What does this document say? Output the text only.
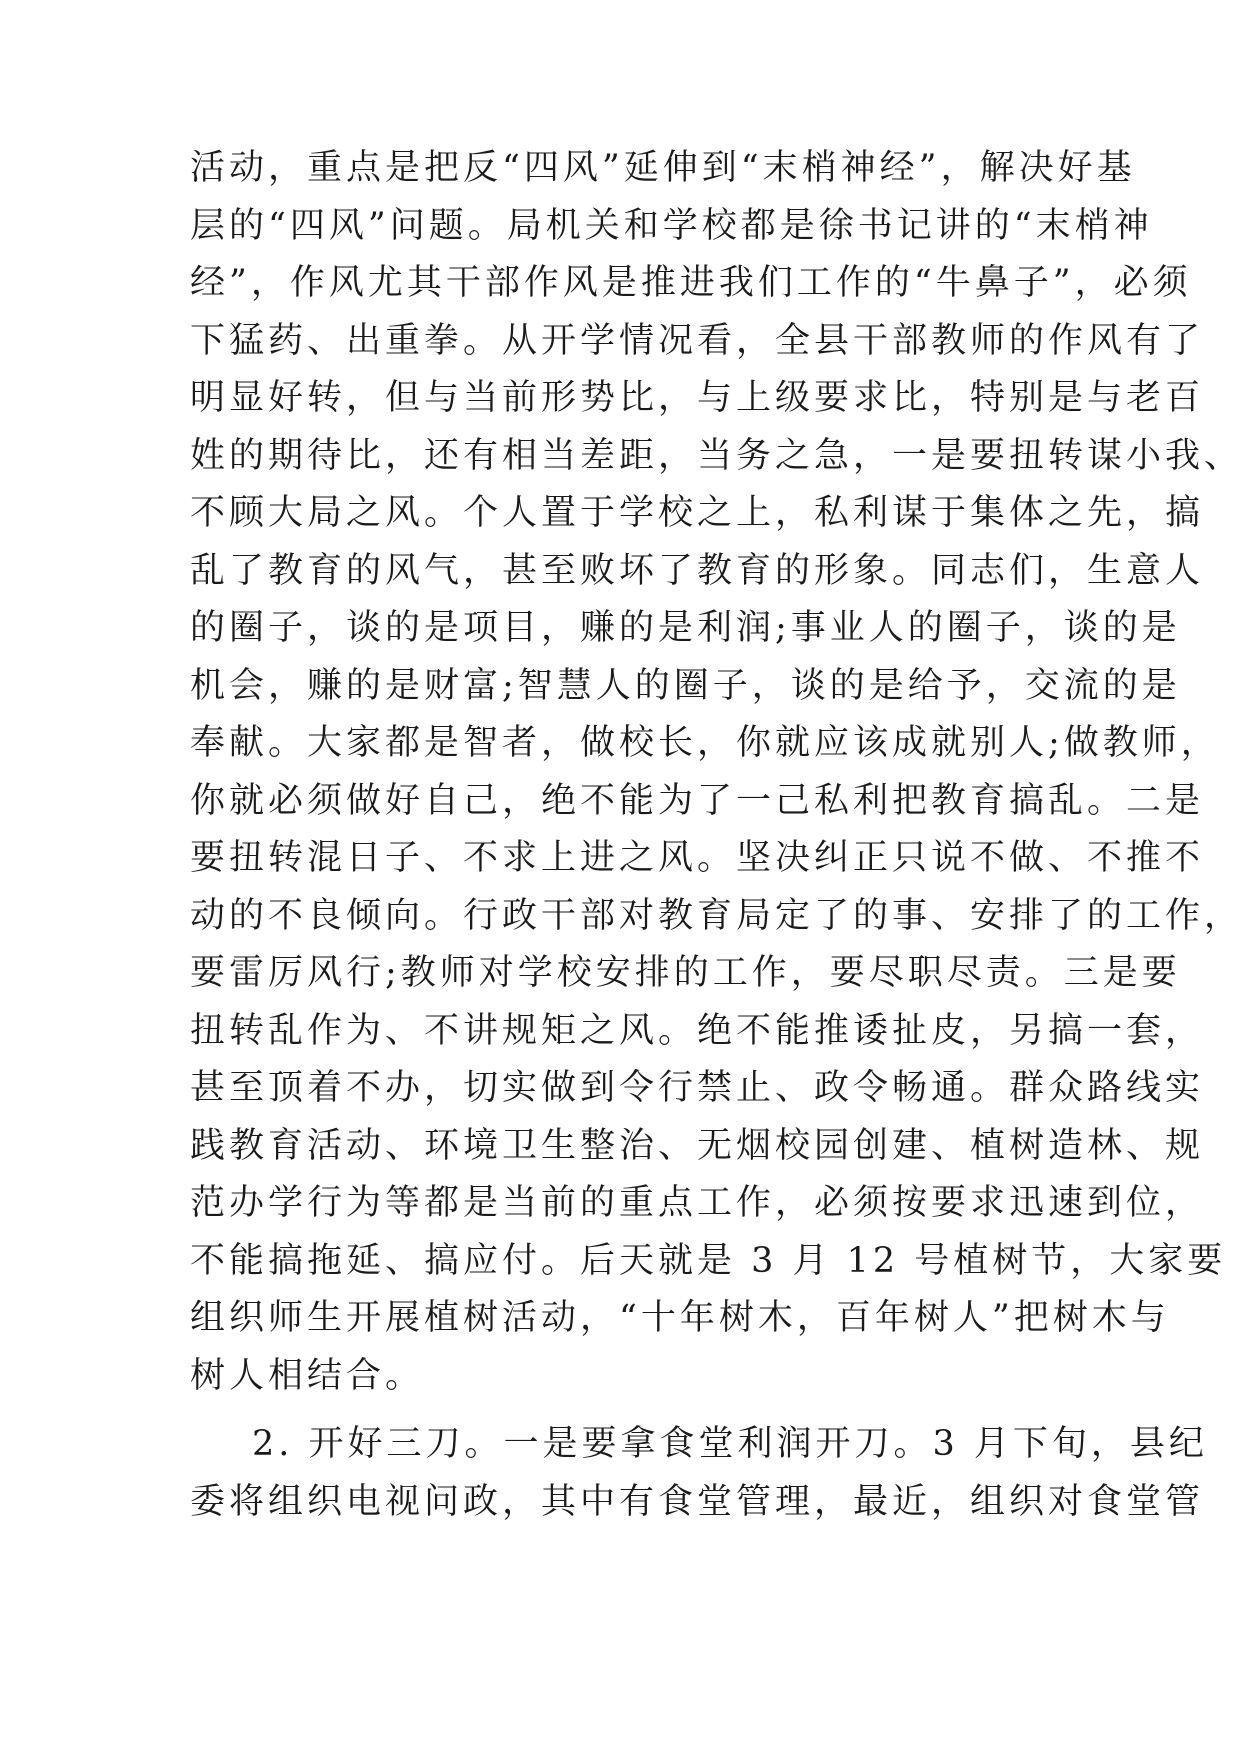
活动，重点是把反“四风”延伸到“末梢神经”，解决好基
层的“四风”问题。局机关和学校都是徐书记讲的“末梢神
经”，作风尤其干部作风是推进我们工作的“牛鼻子”，必须
下猛药、出重拳。从开学情况看，全县干部教师的作风有了
明显好转，但与当前形势比，与上级要求比，特别是与老百
姓的期待比，还有相当差距，当务之急，一是要扭转谋小我、
不顾大局之风。个人置于学校之上，私利谋于集体之先，搞
乱了教育的风气，甚至败坏了教育的形象。同志们，生意人
的圈子，谈的是项目，赚的是利润;事业人的圈子，谈的是
机会，赚的是财富;智慧人的圈子，谈的是给予，交流的是
奉献。大家都是智者，做校长，你就应该成就别人;做教师，
你就必须做好自己，绝不能为了一己私利把教育搞乱。二是
要扭转混日子、不求上进之风。坚决纠正只说不做、不推不
动的不良倾向。行政干部对教育局定了的事、安排了的工作，
要雷厉风行;教师对学校安排的工作，要尽职尽责。三是要
扭转乱作为、不讲规矩之风。绝不能推诿扯皮，另搞一套，
甚至顶着不办，切实做到令行禁止、政令畅通。群众路线实
践教育活动、环境卫生整治、无烟校园创建、植树造林、规
范办学行为等都是当前的重点工作，必须按要求迅速到位，
不能搞拖延、搞应付。后天就是 3 月 12 号植树节，大家要
组织师生开展植树活动，“十年树木，百年树人”把树木与
树人相结合。
2. 开好三刀。一是要拿食堂利润开刀。3 月下旬，县纪
委将组织电视问政，其中有食堂管理，最近，组织对食堂管
